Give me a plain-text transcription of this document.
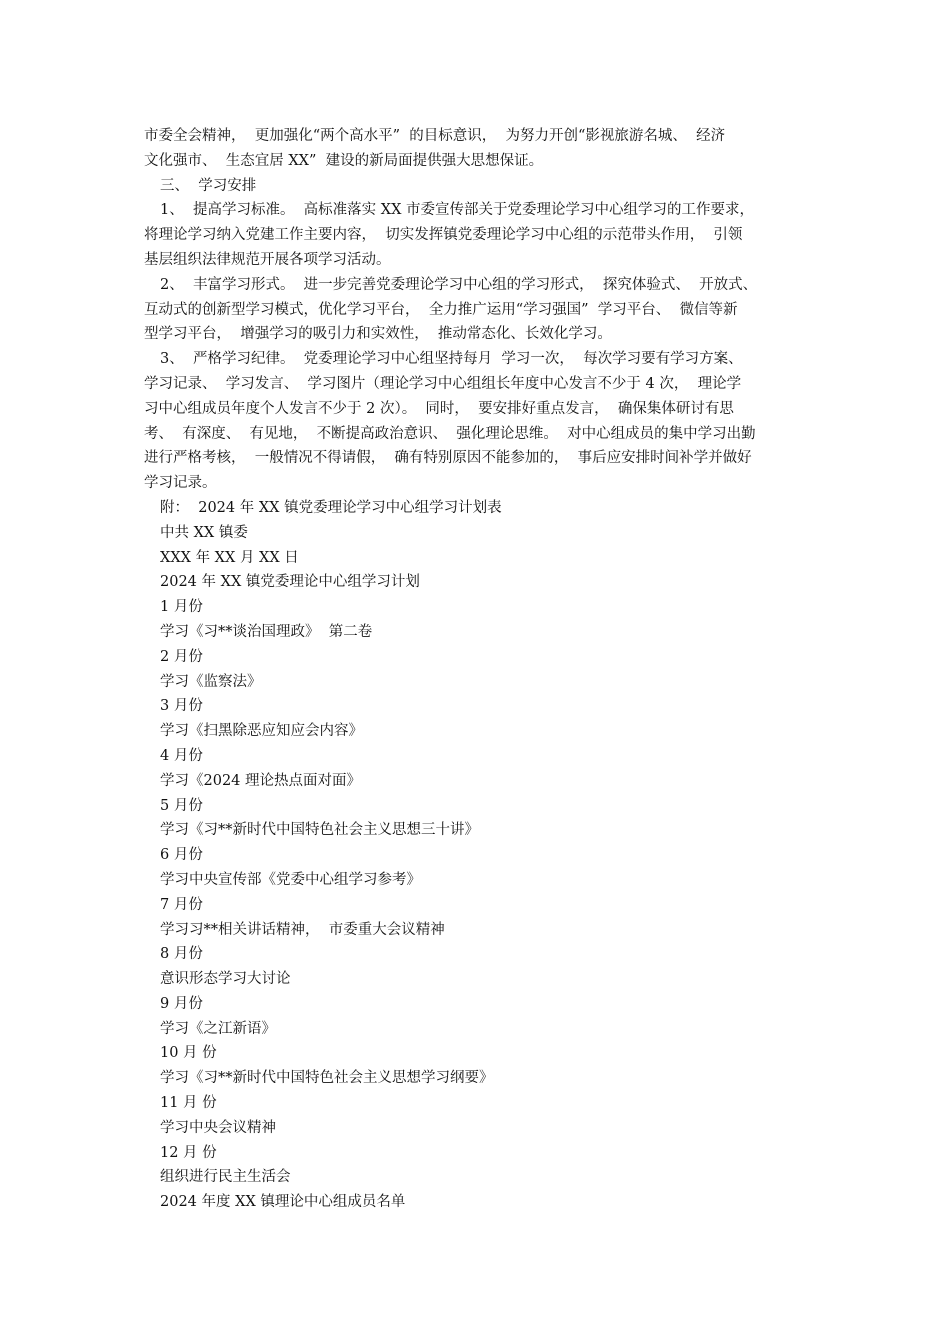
市委全会精神，  更加强化“两个高水平”  的目标意识，  为努力开创“影视旅游名城、  经济

文化强市、  生态宜居 XX”  建设的新局面提供强大思想保证。

三、  学习安排

1、  提高学习标准。  高标准落实 XX 市委宣传部关于党委理论学习中心组学习的工作要求，

将理论学习纳入党建工作主要内容，  切实发挥镇党委理论学习中心组的示范带头作用，  引领

基层组织法律规范开展各项学习活动。

2、  丰富学习形式。  进一步完善党委理论学习中心组的学习形式，  探究体验式、  开放式、

互动式的创新型学习模式，优化学习平台，  全力推广运用“学习强国”  学习平台、  微信等新

型学习平台，  增强学习的吸引力和实效性，  推动常态化、长效化学习。

3、  严格学习纪律。  党委理论学习中心组坚持每月  学习一次，  每次学习要有学习方案、

学习记录、  学习发言、  学习图片（理论学习中心组组长年度中心发言不少于 4 次，  理论学

习中心组成员年度个人发言不少于 2 次）。  同时，  要安排好重点发言，  确保集体研讨有思

考、  有深度、  有见地，  不断提高政治意识、  强化理论思维。  对中心组成员的集中学习出勤

进行严格考核，  一般情况不得请假，  确有特别原因不能参加的，  事后应安排时间补学并做好

学习记录。

附：  2024 年 XX 镇党委理论学习中心组学习计划表

中共 XX 镇委

XXX 年 XX 月 XX 日

2024 年 XX 镇党委理论中心组学习计划

1 月份

学习《习**谈治国理政》  第二卷

2 月份

学习《监察法》

3 月份

学习《扫黑除恶应知应会内容》

4 月份

学习《2024 理论热点面对面》

5 月份

学习《习**新时代中国特色社会主义思想三十讲》

6 月份

学习中央宣传部《党委中心组学习参考》

7 月份

学习习**相关讲话精神，  市委重大会议精神

8 月份

意识形态学习大讨论

9 月份

学习《之江新语》

10 月 份

学习《习**新时代中国特色社会主义思想学习纲要》

11 月 份

学习中央会议精神

12 月 份

组织进行民主生活会

2024 年度 XX 镇理论中心组成员名单
